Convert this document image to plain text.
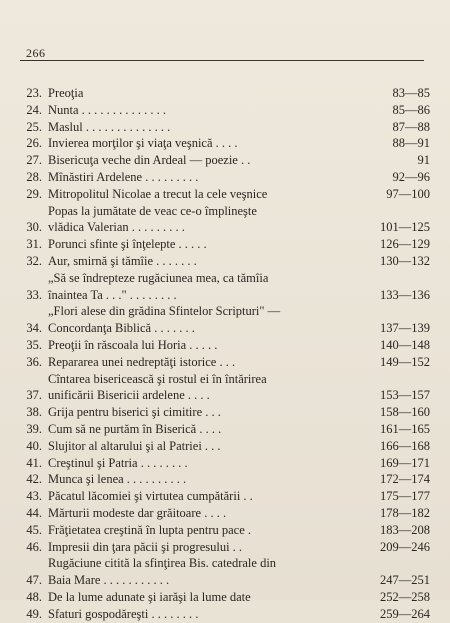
266
23. Preoţia	83—85
24. Nunta . . . . . . . . . . . . . .	85—86
25. Maslul . . . . . . . . . . . . . .	87—88
26. Invierea morţilor şi viaţa veşnică . . . .	88—91
27. Bisericuţa veche din Ardeal — poezie . .	91
28. Mînăstiri Ardelene . . . . . . . . .	92—96
29. Mitropolitul Nicolae a trecut la cele veşnice	97—100
30.
Popas la jumătate de veac ce-o împlineşte
vlădica Valerian . . . . . . . . .	101—125
31. Porunci sfinte şi înţelepte . . . . .	126—129
32. Aur, smirnă şi tămîie . . . . . . .	130—132
33.
„Să se îndrepteze rugăciunea mea, ca tămîia
înaintea Ta . . ." . . . . . . . .	133—136
34.
„Flori alese din grădina Sfintelor Scripturi" —
Concordanţa Biblică . . . . . . .	137—139
35. Preoţii în răscoala lui Horia . . . . .	140—148
36. Repararea unei nedreptăţi istorice . . .	149—152
37.
Cîntarea bisericească şi rostul ei în întărirea
unificării Bisericii ardelene . . . .	153—157
38. Grija pentru biserici şi cimitire . . .	158—160
39. Cum să ne purtăm în Biserică . . . .	161—165
40. Slujitor al altarului şi al Patriei . . .	166—168
41. Creştinul şi Patria . . . . . . . .	169—171
42. Munca şi lenea . . . . . . . . . .	172—174
43. Păcatul lăcomiei şi virtutea cumpătării . .	175—177
44. Mărturii modeste dar grăitoare . . . .	178—182
45. Frăţietatea creştină în lupta pentru pace .	183—208
46. Impresii din ţara păcii şi progresului . .	209—246
47.
Rugăciune citită la sfinţirea Bis. catedrale din
Baia Mare . . . . . . . . . . .	247—251
48. De la lume adunate şi iarăşi la lume date	252—258
49. Sfaturi gospodăreşti . . . . . . . .	259—264
